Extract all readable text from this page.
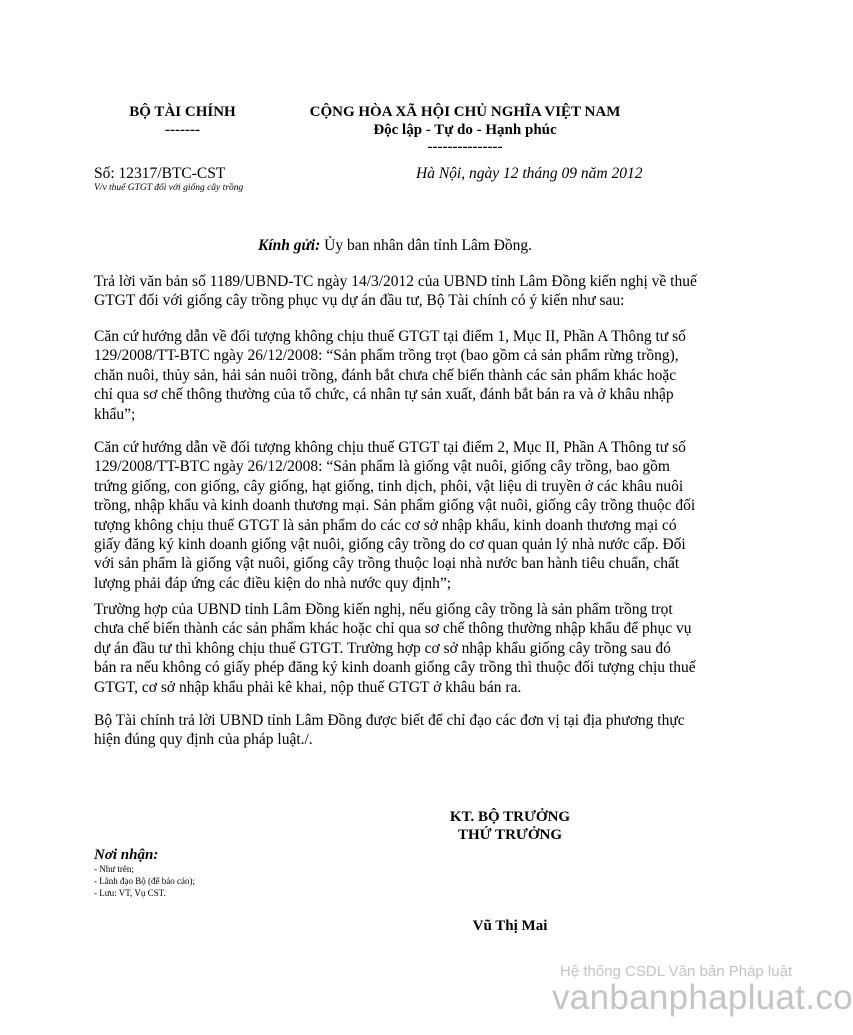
BỘ TÀI CHÍNH
-------
CỘNG HÒA XÃ HỘI CHỦ NGHĨA VIỆT NAM
Độc lập - Tự do - Hạnh phúc
---------------
Số: 12317/BTC-CST
V/v thuế GTGT đối với giống cây trồng
Hà Nội, ngày 12 tháng 09 năm 2012
Kính gửi: Ủy ban nhân dân tỉnh Lâm Đồng.

Trả lời văn bản số 1189/UBND-TC ngày 14/3/2012 của UBND tỉnh Lâm Đồng kiến nghị về thuế
GTGT đối với giống cây trồng phục vụ dự án đầu tư, Bộ Tài chính có ý kiến như sau:

Căn cứ hướng dẫn về đối tượng không chịu thuế GTGT tại điểm 1, Mục II, Phần A Thông tư số
129/2008/TT-BTC ngày 26/12/2008: “Sản phẩm trồng trọt (bao gồm cả sản phẩm rừng trồng),
chăn nuôi, thủy sản, hải sản nuôi trồng, đánh bắt chưa chế biến thành các sản phẩm khác hoặc
chỉ qua sơ chế thông thường của tổ chức, cá nhân tự sản xuất, đánh bắt bán ra và ở khâu nhập
khẩu”;

Căn cứ hướng dẫn về đối tượng không chịu thuế GTGT tại điểm 2, Mục II, Phần A Thông tư số
129/2008/TT-BTC ngày 26/12/2008: “Sản phẩm là giống vật nuôi, giống cây trồng, bao gồm
trứng giống, con giống, cây giống, hạt giống, tinh dịch, phôi, vật liệu di truyền ở các khâu nuôi
trồng, nhập khẩu và kinh doanh thương mại. Sản phẩm giống vật nuôi, giống cây trồng thuộc đối
tượng không chịu thuế GTGT là sản phẩm do các cơ sở nhập khẩu, kinh doanh thương mại có
giấy đăng ký kinh doanh giống vật nuôi, giống cây trồng do cơ quan quản lý nhà nước cấp. Đối
với sản phẩm là giống vật nuôi, giống cây trồng thuộc loại nhà nước ban hành tiêu chuẩn, chất
lượng phải đáp ứng các điều kiện do nhà nước quy định”;

Trường hợp của UBND tỉnh Lâm Đồng kiến nghị, nếu giống cây trồng là sản phẩm trồng trọt
chưa chế biến thành các sản phẩm khác hoặc chỉ qua sơ chế thông thường nhập khẩu để phục vụ
dự án đầu tư thì không chịu thuế GTGT. Trường hợp cơ sở nhập khẩu giống cây trồng sau đó
bán ra nếu không có giấy phép đăng ký kinh doanh giống cây trồng thì thuộc đối tượng chịu thuế
GTGT, cơ sở nhập khẩu phải kê khai, nộp thuế GTGT ở khâu bán ra.

Bộ Tài chính trả lời UBND tỉnh Lâm Đồng được biết để chỉ đạo các đơn vị tại địa phương thực
hiện đúng quy định của pháp luật./.

KT. BỘ TRƯỞNG
THỨ TRƯỞNG
Vũ Thị Mai
Nơi nhận:
- Như trên;
- Lãnh đạo Bộ (để báo cáo);
- Lưu: VT, Vụ CST.
Hệ thống CSDL Văn bản Pháp luật
vanbanphapluat.co
